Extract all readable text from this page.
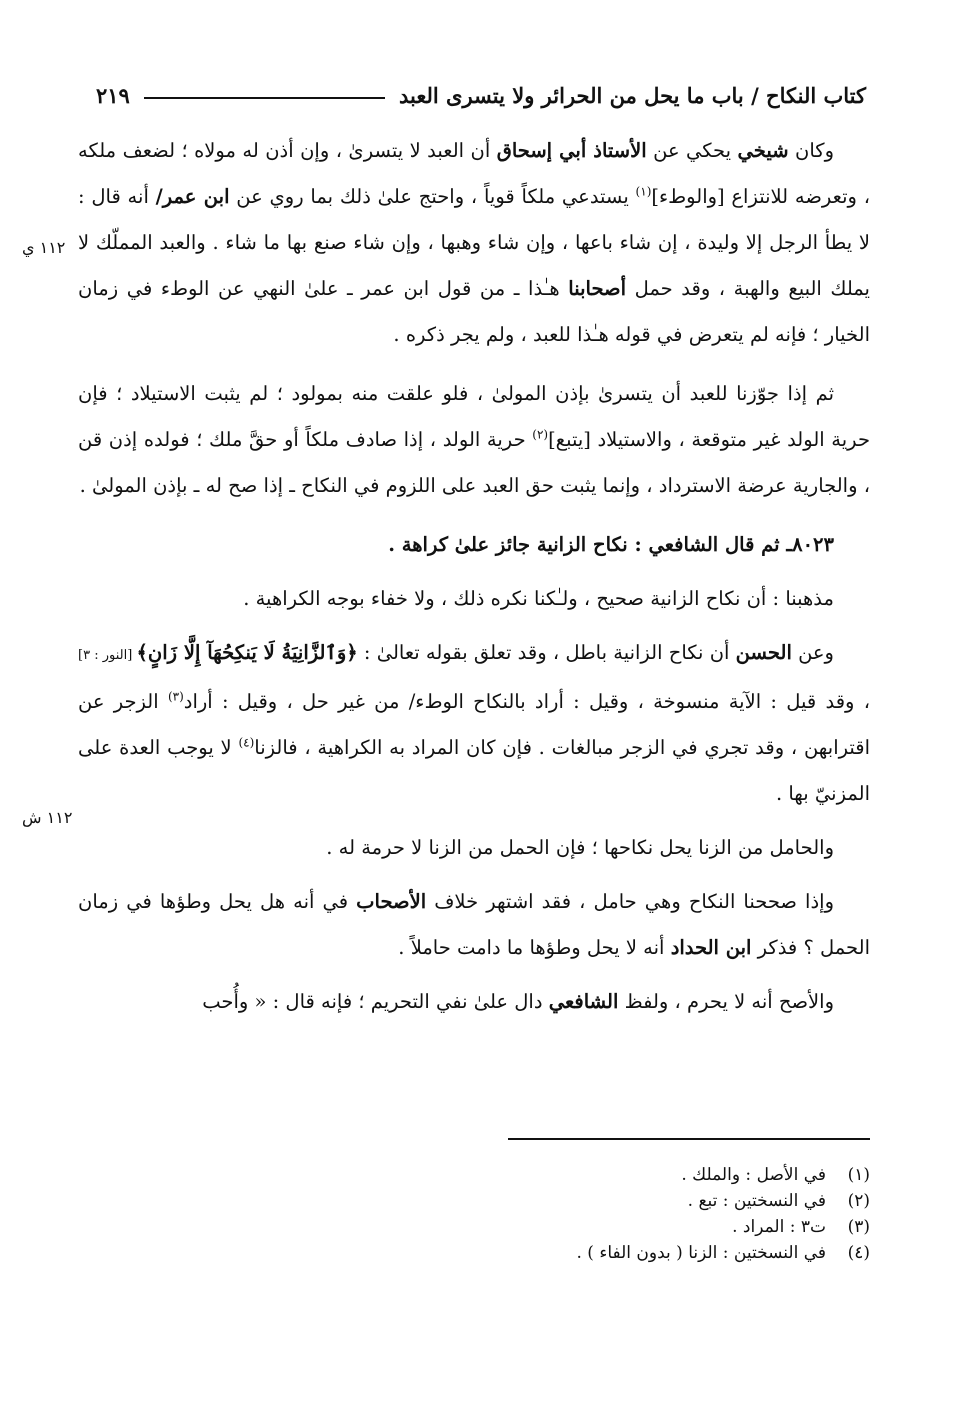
كتاب النكاح / باب ما يحل من الحرائر ولا يتسرى العبد
٢١٩

وكان شيخي يحكي عن الأستاذ أبي إسحاق أن العبد لا يتسرىٰ ، وإن أذن له مولاه ؛ لضعف ملكه ، وتعرضه للانتزاع [والوطء]$^{(١)}$ يستدعي ملكاً قوياً ، واحتج علىٰ ذلك بما روي عن ابن عمر/ أنه قال : لا يطأ الرجل إلا وليدة ، إن شاء باعها ، وإن شاء وهبها ، وإن شاء صنع بها ما شاء . والعبد المملّك لا يملك البيع والهبة ، وقد حمل أصحابنا هـٰذا ـ من قول ابن عمر ـ علىٰ النهي عن الوطء في زمان الخيار ؛ فإنه لم يتعرض في قوله هـٰذا للعبد ، ولم يجر ذكره .

ثم إذا جوّزنا للعبد أن يتسرىٰ بإذن المولىٰ ، فلو علقت منه بمولود ؛ لم يثبت الاستيلاد ؛ فإن حرية الولد غير متوقعة ، والاستيلاد [يتبع]$^{(٢)}$ حرية الولد ، إذا صادف ملكاً أو حقَّ ملك ؛ فولده إذن قن ، والجارية عرضة الاسترداد ، وإنما يثبت حق العبد على اللزوم في النكاح ـ إذا صح له ـ بإذن المولىٰ .

٨٠٢٣ـ ثم قال الشافعي : نكاح الزانية جائز علىٰ كراهة .

مذهبنا : أن نكاح الزانية صحيح ، ولـٰكنا نكره ذلك ، ولا خفاء بوجه الكراهية .

وعن الحسن أن نكاح الزانية باطل ، وقد تعلق بقوله تعالىٰ : ﴿وَٱلزَّانِيَةُ لَا يَنكِحُهَآ إِلَّا زَانٍ﴾ [النور : ٣] ، وقد قيل : الآية منسوخة ، وقيل : أراد بالنكاح الوطء/ من غير حل ، وقيل : أراد$^{(٣)}$ الزجر عن اقترابهن ، وقد تجري في الزجر مبالغات . فإن كان المراد به الكراهية ، فالزنا$^{(٤)}$ لا يوجب العدة على المزنيّ بها .

والحامل من الزنا يحل نكاحها ؛ فإن الحمل من الزنا لا حرمة له .

وإذا صححنا النكاح وهي حامل ، فقد اشتهر خلاف الأصحاب في أنه هل يحل وطؤها في زمان الحمل ؟ فذكر ابن الحداد أنه لا يحل وطؤها ما دامت حاملاً .

والأصح أنه لا يحرم ، ولفظ الشافعي دال علىٰ نفي التحريم ؛ فإنه قال : « وأُحب

١١٢ ي
١١٢ ش
(١)
في الأصل : والملك .
(٢)
في النسختين : تبع .
(٣)
ت٣ : المراد .
(٤)
في النسختين : الزنا ( بدون الفاء ) .
